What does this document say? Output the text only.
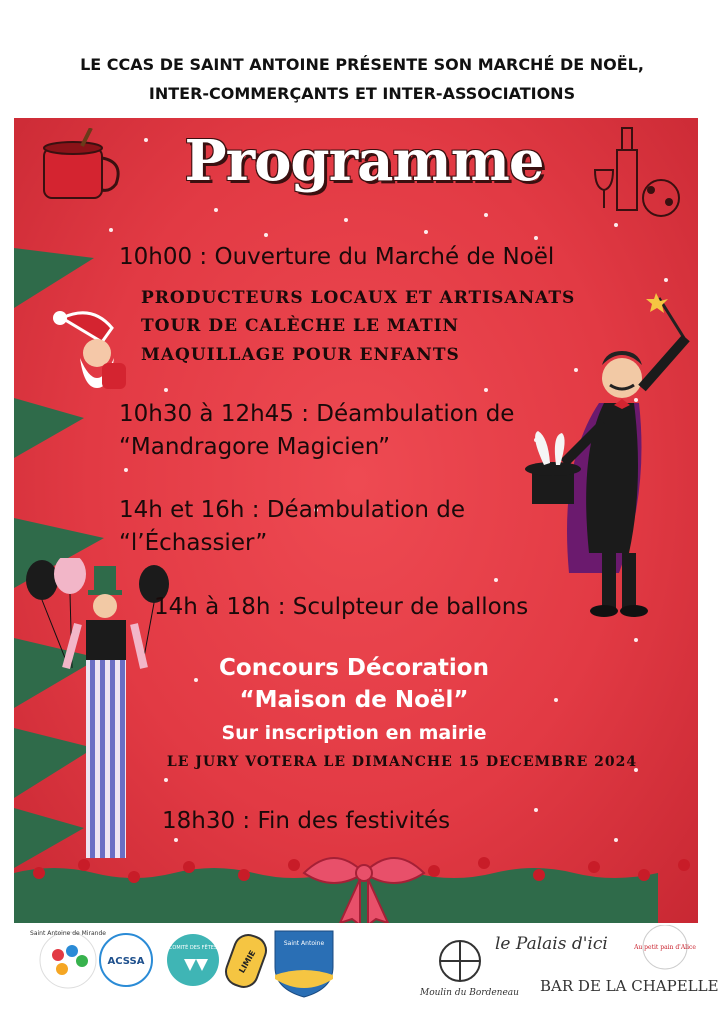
LE CCAS DE SAINT ANTOINE PRÉSENTE SON MARCHÉ DE NOËL,
INTER-COMMERÇANTS ET INTER-ASSOCIATIONS
Programme
10h00 : Ouverture du Marché de Noël
PRODUCTEURS LOCAUX ET ARTISANATS
TOUR DE CALÈCHE LE MATIN
MAQUILLAGE POUR ENFANTS
10h30 à 12h45 : Déambulation de
“Mandragore Magicien”
14h et 16h : Déambulation de
“l’Échassier”
14h à 18h : Sculpteur de ballons
Concours Décoration
“Maison de Noël”
Sur inscription en mairie
LE JURY VOTERA LE DIMANCHE 15 DECEMBRE 2024
18h30 : Fin des festivités
Saint Antoine de Mirande
ACSSA
COMITÉ DES FÊTES
LIMIE
Saint Antoine	le Palais d'ici
Moulin du Bordeneau BAR DE LA CHAPELLE
Au petit pain d'Alice
